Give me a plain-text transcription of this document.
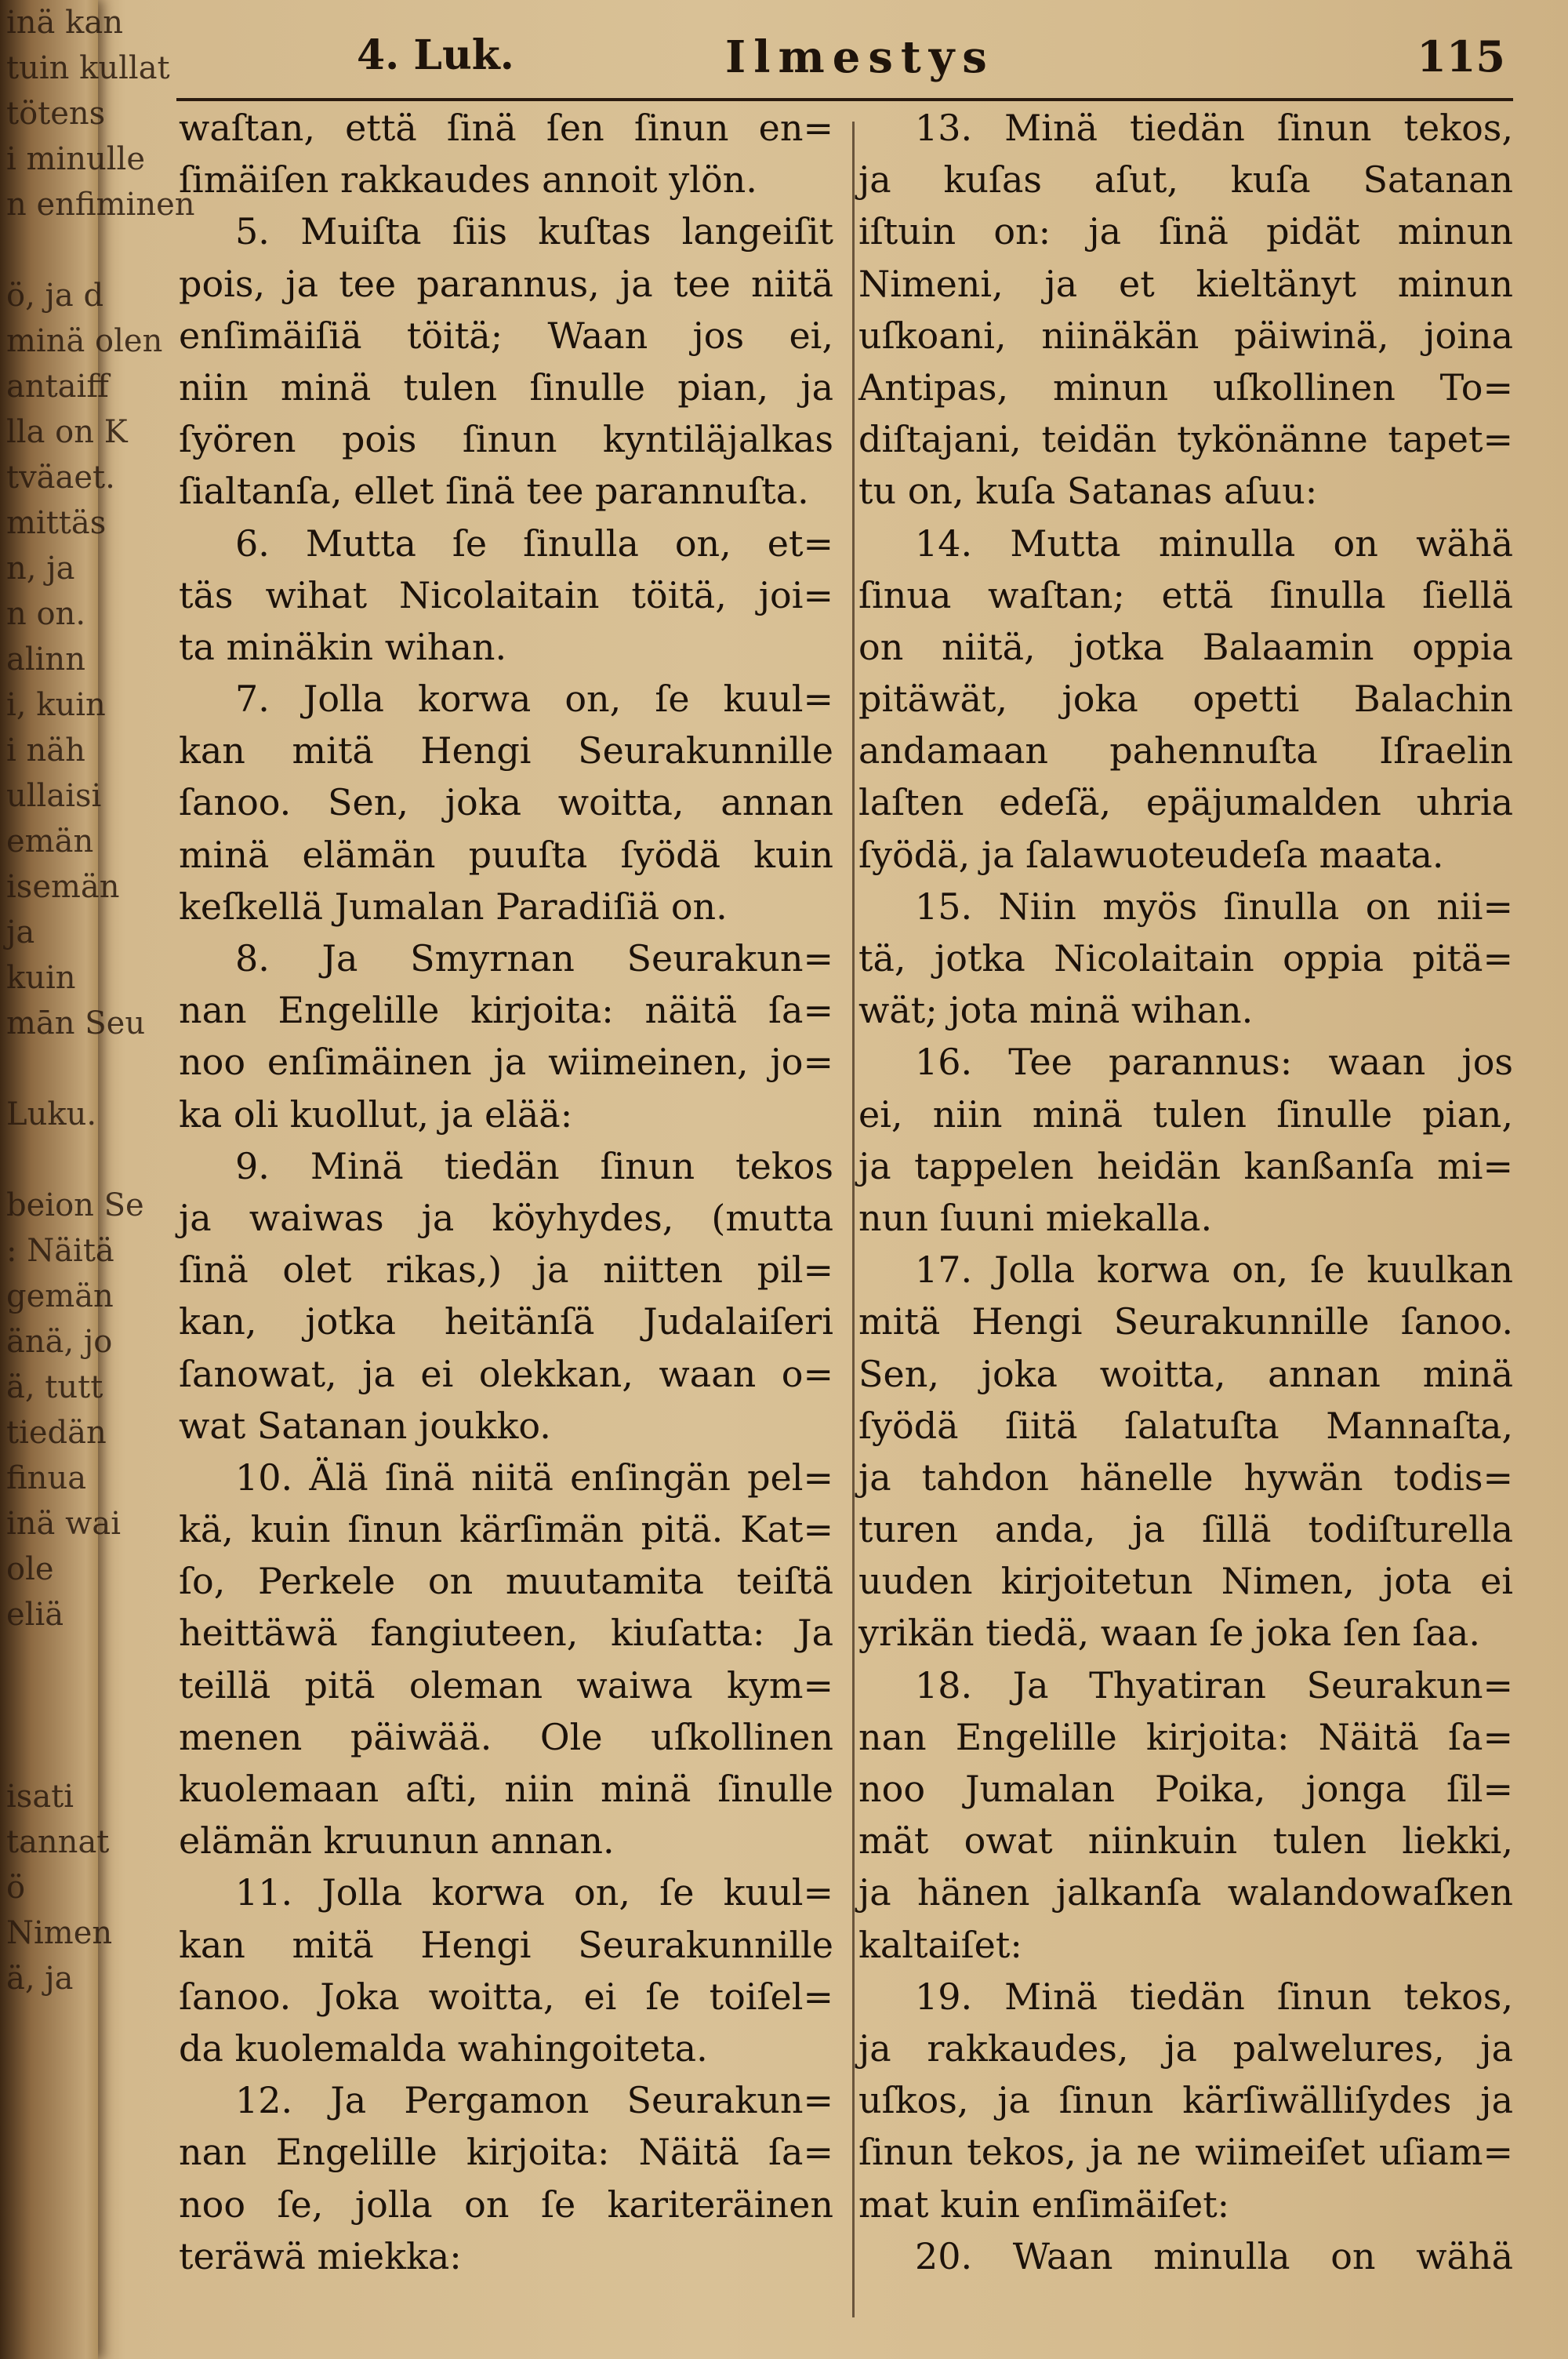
inä kan
tuin kullat
tötens
i minulle
n enfiminen
ö, ja d
minä olen
antaiff
lla on K
tväaet.
mittäs
n, ja
n on.
alinn
i, kuin
i näh
ullaisi
emän
isemän
ja
kuin
mān Seu
Luku.
beion Se
: Näitä
gemän
änä, jo
ä, tutt
tiedän
finua
inä wai
ole
eliä
isati
tannat
ö
Nimen
ä, ja
4. Luk.	Ilmestys	115
waſtan, että ſinä ſen ſinun en=
ſimäiſen rakkaudes annoit ylön.
5. Muiſta ſiis kuſtas langeiſit
pois, ja tee parannus, ja tee niitä
enſimäiſiä töitä; Waan jos ei,
niin minä tulen ſinulle pian, ja
ſyören pois ſinun kyntiläjalkas
ſialtanſa, ellet ſinä tee parannuſta.
6. Mutta ſe ſinulla on, et=
täs wihat Nicolaitain töitä, joi=
ta minäkin wihan.
7. Jolla korwa on, ſe kuul=
kan mitä Hengi Seurakunnille
ſanoo. Sen, joka woitta, annan
minä elämän puuſta ſyödä kuin
keſkellä Jumalan Paradiſiä on.
8. Ja Smyrnan Seurakun=
nan Engelille kirjoita: näitä ſa=
noo enſimäinen ja wiimeinen, jo=
ka oli kuollut, ja elää:
9. Minä tiedän ſinun tekos
ja waiwas ja köyhydes, (mutta
ſinä olet rikas,) ja niitten pil=
kan, jotka heitänſä Judalaiſeri
ſanowat, ja ei olekkan, waan o=
wat Satanan joukko.
10. Älä ſinä niitä enſingän pel=
kä, kuin ſinun kärſimän pitä. Kat=
ſo, Perkele on muutamita teiſtä
heittäwä fangiuteen, kiuſatta: Ja
teillä pitä oleman waiwa kym=
menen päiwää. Ole uſkollinen
kuolemaan aſti, niin minä ſinulle
elämän kruunun annan.
11. Jolla korwa on, ſe kuul=
kan mitä Hengi Seurakunnille
ſanoo. Joka woitta, ei ſe toiſel=
da kuolemalda wahingoiteta.
12. Ja Pergamon Seurakun=
nan Engelille kirjoita: Näitä ſa=
noo ſe, jolla on ſe kariteräinen
teräwä miekka:
13. Minä tiedän ſinun tekos,
ja kuſas aſut, kuſa Satanan
iſtuin on: ja ſinä pidät minun
Nimeni, ja et kieltänyt minun
uſkoani, niinäkän päiwinä, joina
Antipas, minun uſkollinen To=
diſtajani, teidän tykönänne tapet=
tu on, kuſa Satanas aſuu:
14. Mutta minulla on wähä
ſinua waſtan; että ſinulla ſiellä
on niitä, jotka Balaamin oppia
pitäwät, joka opetti Balachin
andamaan pahennuſta Iſraelin
laſten edeſä, epäjumalden uhria
ſyödä, ja ſalawuoteudeſa maata.
15. Niin myös ſinulla on nii=
tä, jotka Nicolaitain oppia pitä=
wät; jota minä wihan.
16. Tee parannus: waan jos
ei, niin minä tulen ſinulle pian,
ja tappelen heidän kanßanſa mi=
nun ſuuni miekalla.
17. Jolla korwa on, ſe kuulkan
mitä Hengi Seurakunnille ſanoo.
Sen, joka woitta, annan minä
ſyödä ſiitä ſalatuſta Mannaſta,
ja tahdon hänelle hywän todis=
turen anda, ja ſillä todiſturella
uuden kirjoitetun Nimen, jota ei
yrikän tiedä, waan ſe joka ſen ſaa.
18. Ja Thyatiran Seurakun=
nan Engelille kirjoita: Näitä ſa=
noo Jumalan Poika, jonga ſil=
mät owat niinkuin tulen liekki,
ja hänen jalkanſa walandowaſken
kaltaiſet:
19. Minä tiedän ſinun tekos,
ja rakkaudes, ja palwelures, ja
uſkos, ja ſinun kärſiwälliſydes ja
ſinun tekos, ja ne wiimeiſet uſiam=
mat kuin enſimäiſet:
20. Waan minulla on wähä
